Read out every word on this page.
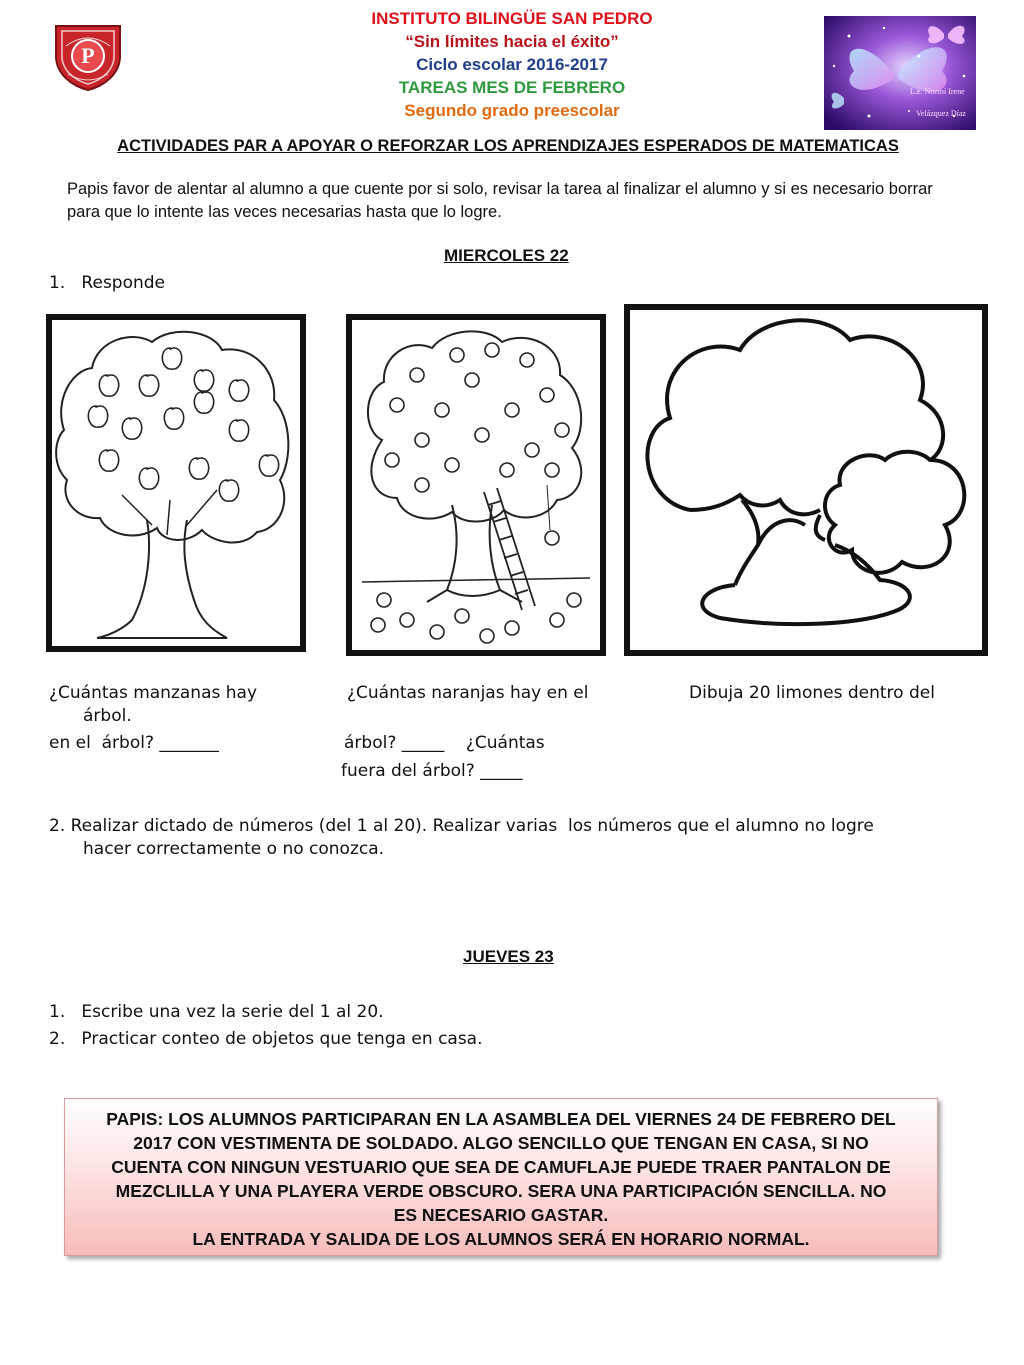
P
INSTITUTO BILINGÜE SAN PEDRO
“Sin límites hacia el éxito”
Ciclo escolar 2016-2017
TAREAS MES DE FEBRERO
Segundo grado preescolar
L.e. Noemí Irene
Velázquez Díaz
ACTIVIDADES PAR A APOYAR O REFORZAR LOS APRENDIZAJES ESPERADOS DE MATEMATICAS
Papis favor de alentar al alumno a que cuente por si solo, revisar la tarea al finalizar el alumno y si es necesario borrar para que lo intente las veces necesarias hasta que lo logre.
MIERCOLES 22
1.   Responde
¿Cuántas manzanas hay
árbol.
en el  árbol? _______
¿Cuántas naranjas hay en el
árbol? _____    ¿Cuántas
fuera del árbol? _____
Dibuja 20 limones dentro del
2. Realizar dictado de números (del 1 al 20). Realizar varias  los números que el alumno no logre
hacer correctamente o no conozca.
JUEVES 23
1.   Escribe una vez la serie del 1 al 20.
2.   Practicar conteo de objetos que tenga en casa.
PAPIS: LOS ALUMNOS PARTICIPARAN EN LA ASAMBLEA DEL VIERNES 24 DE FEBRERO DEL
2017 CON VESTIMENTA DE SOLDADO. ALGO SENCILLO QUE TENGAN EN CASA, SI NO
CUENTA CON NINGUN VESTUARIO QUE SEA DE CAMUFLAJE PUEDE TRAER PANTALON DE
MEZCLILLA Y UNA PLAYERA VERDE OBSCURO. SERA UNA PARTICIPACIÓN SENCILLA. NO
ES NECESARIO GASTAR.
LA ENTRADA Y SALIDA DE LOS ALUMNOS SERÁ EN HORARIO NORMAL.
